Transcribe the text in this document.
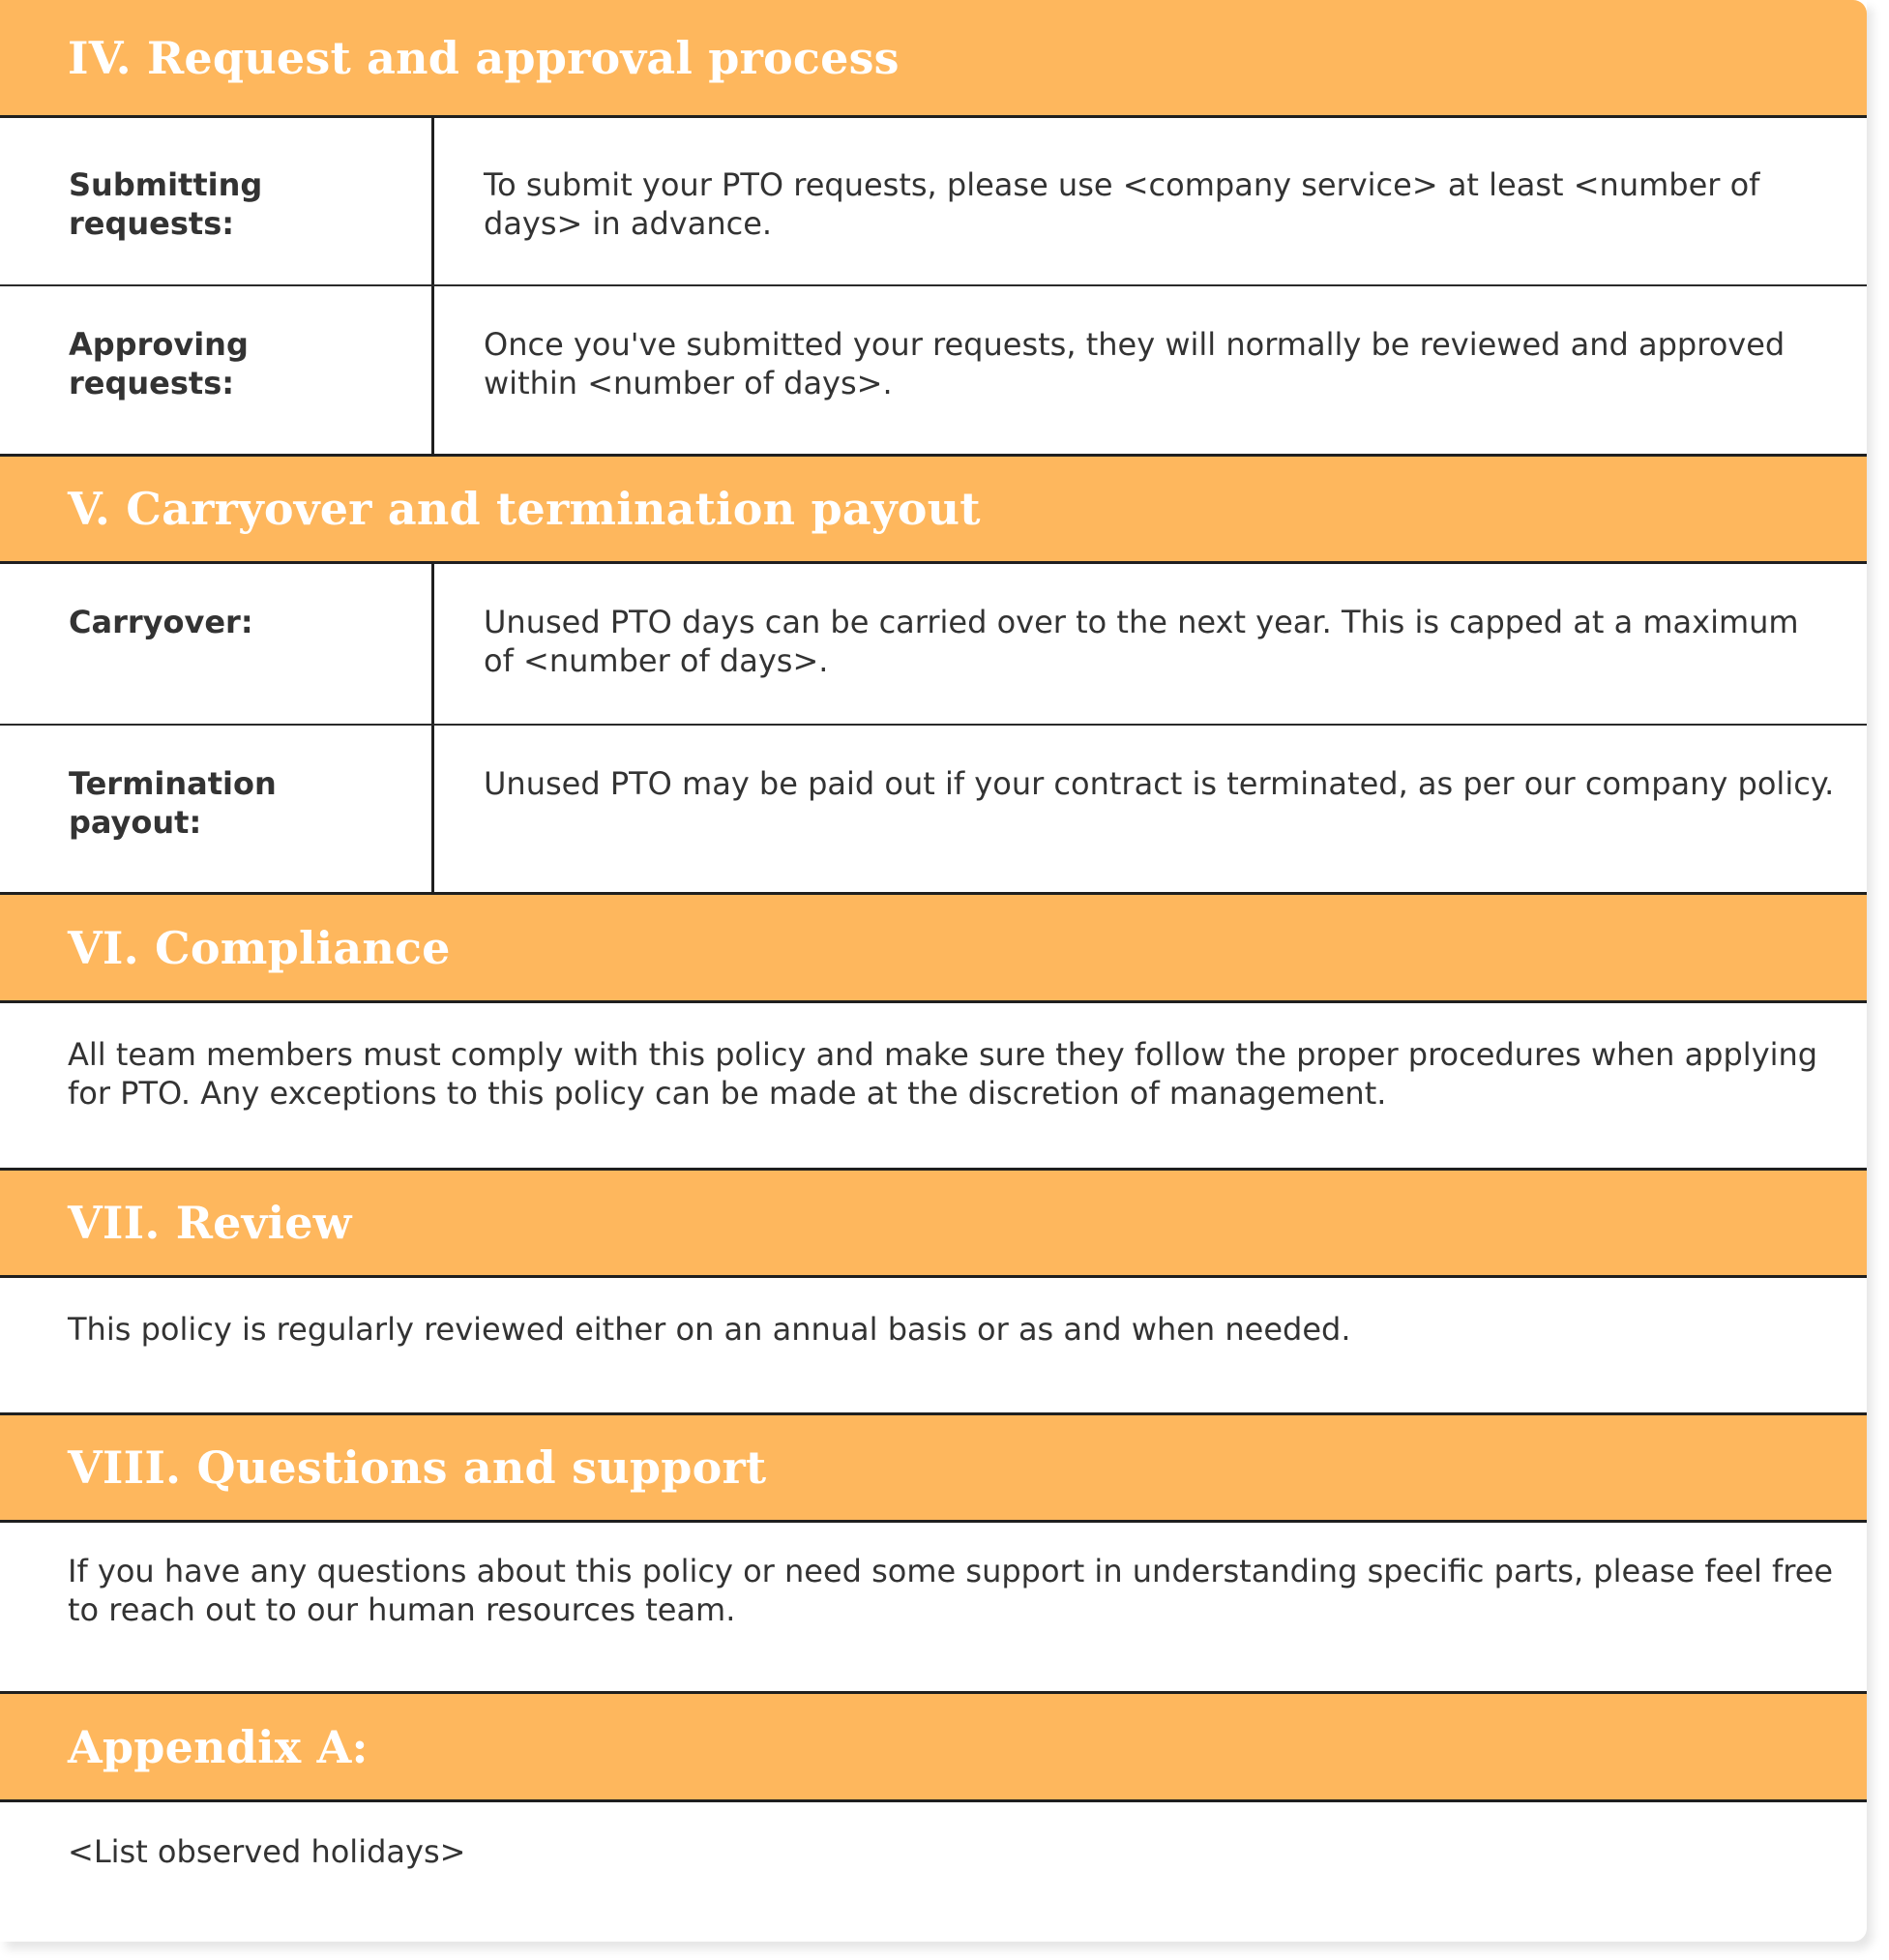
IV. Request and approval process
Submitting requests:
To submit your PTO requests, please use <company service> at least <number of days> in advance.
Approving requests:
Once you've submitted your requests, they will normally be reviewed and approved within <number of days>.
V. Carryover and termination payout
Carryover:	Unused PTO days can be carried over to the next year. This is capped at a maximum of <number of days>.
Termination payout:
Unused PTO may be paid out if your contract is terminated, as per our company policy.
VI. Compliance
All team members must comply with this policy and make sure they follow the proper procedures when applying for PTO. Any exceptions to this policy can be made at the discretion of management.
VII. Review
This policy is regularly reviewed either on an annual basis or as and when needed.
VIII. Questions and support
If you have any questions about this policy or need some support in understanding specific parts, please feel free to reach out to our human resources team.
Appendix A:
<List observed holidays>
